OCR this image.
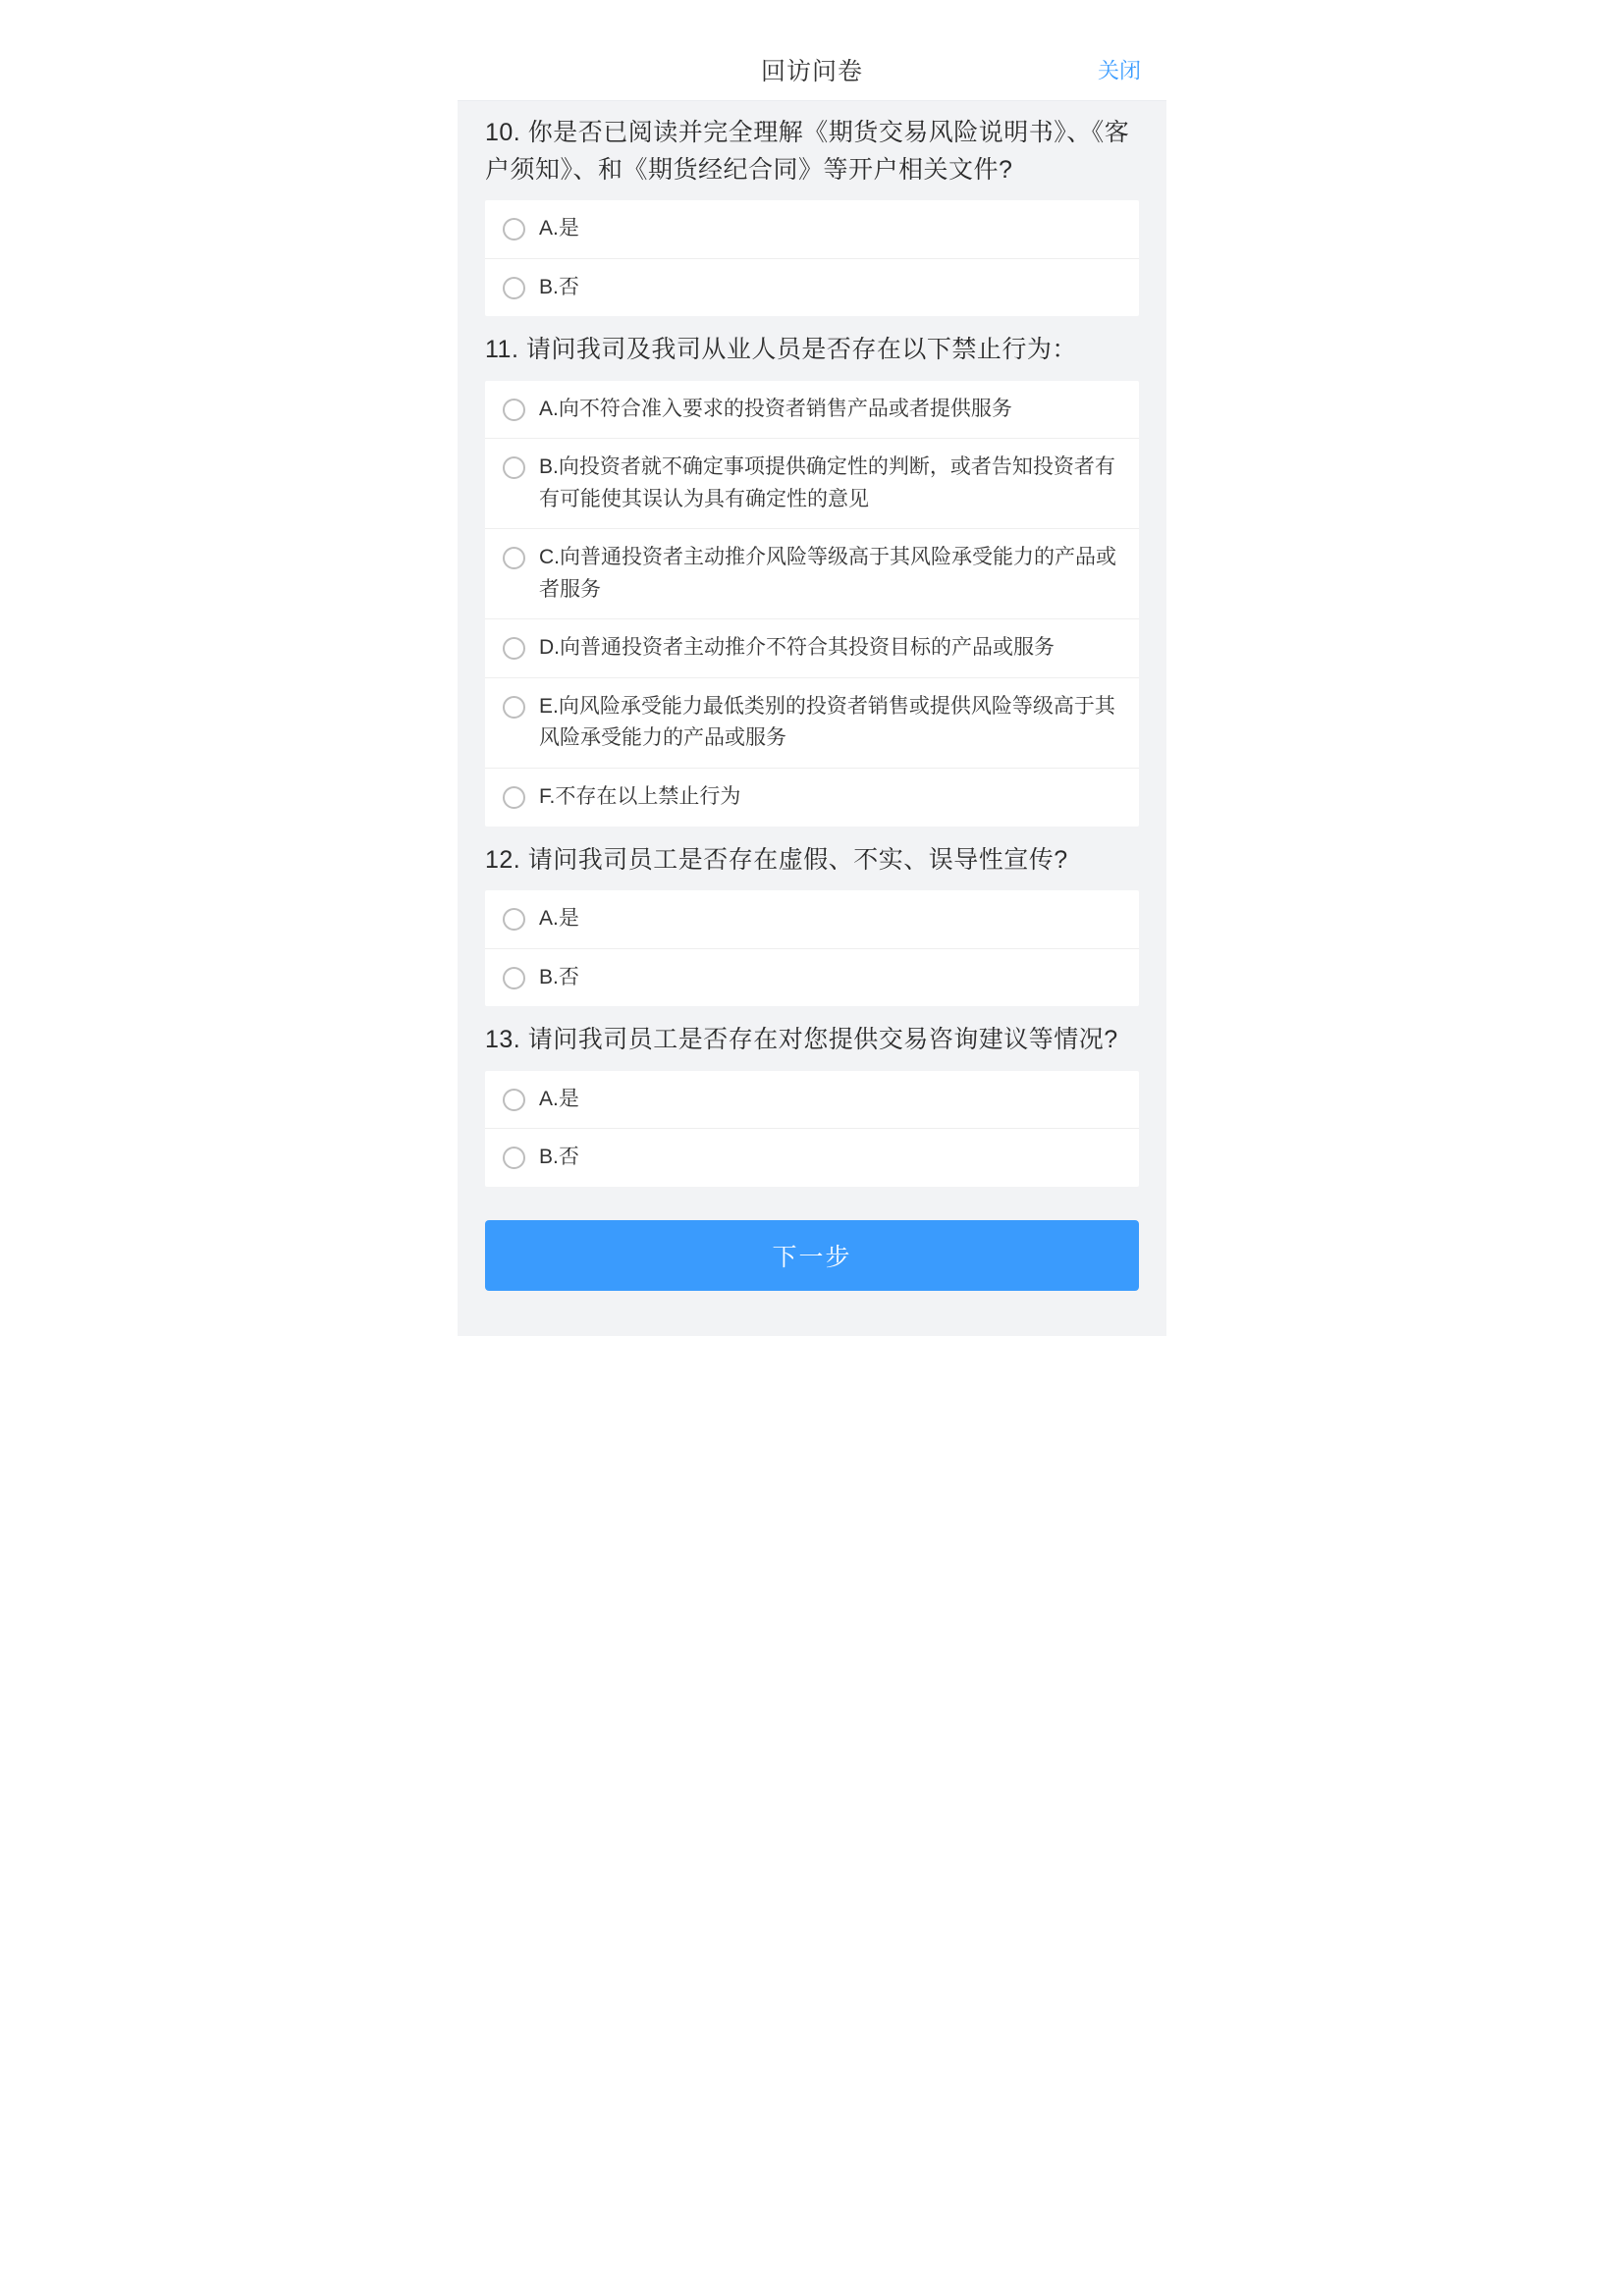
回访问卷	关闭
10. 你是否已阅读并完全理解《期货交易风险说明书》、《客户须知》、和《期货经纪合同》等开户相关文件?
A.是
B.否
11. 请问我司及我司从业人员是否存在以下禁止行为：
A.向不符合准入要求的投资者销售产品或者提供服务
B.向投资者就不确定事项提供确定性的判断，或者告知投资者有有可能使其误认为具有确定性的意见
C.向普通投资者主动推介风险等级高于其风险承受能力的产品或者服务
D.向普通投资者主动推介不符合其投资目标的产品或服务
E.向风险承受能力最低类别的投资者销售或提供风险等级高于其风险承受能力的产品或服务
F.不存在以上禁止行为
12. 请问我司员工是否存在虚假、不实、误导性宣传?
A.是
B.否
13. 请问我司员工是否存在对您提供交易咨询建议等情况?
A.是
B.否
下一步
